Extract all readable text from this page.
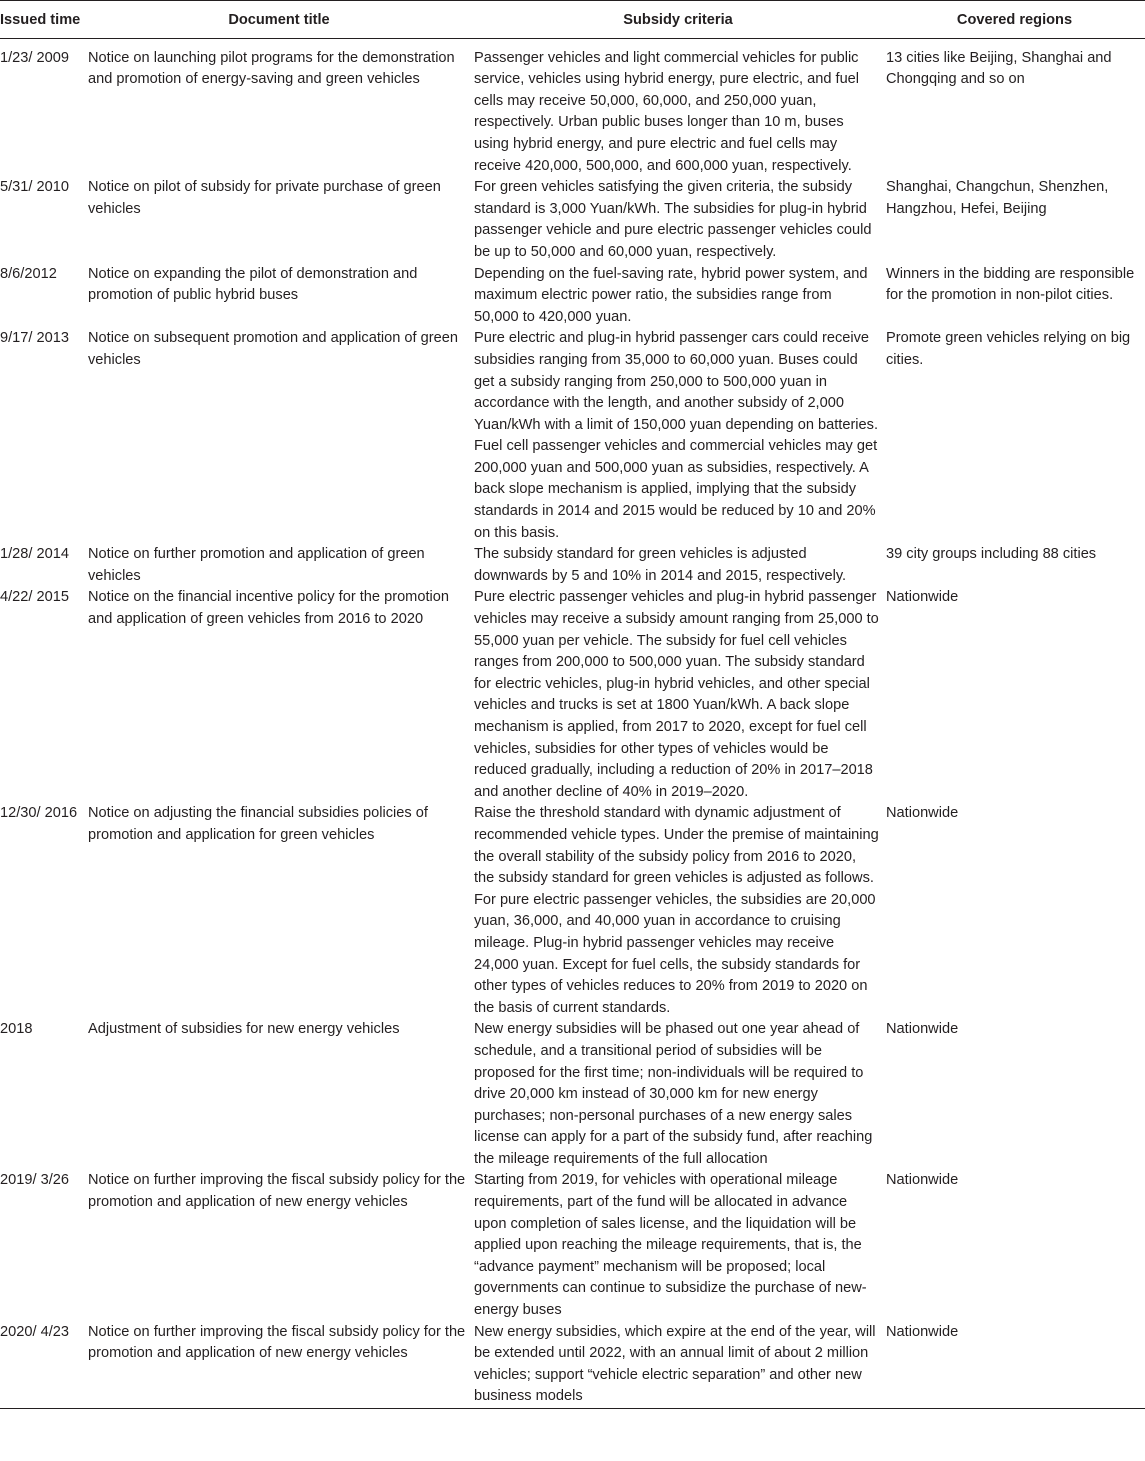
Issued time	Document title	Subsidy criteria	Covered regions
1/23/ 2009	Notice on launching pilot programs for the demonstration and promotion of energy-saving and green vehicles	Passenger vehicles and light commercial vehicles for public service, vehicles using hybrid energy, pure electric, and fuel cells may receive 50,000, 60,000, and 250,000 yuan, respectively. Urban public buses longer than 10 m, buses using hybrid energy, and pure electric and fuel cells may receive 420,000, 500,000, and 600,000 yuan, respectively.	13 cities like Beijing, Shanghai and Chongqing and so on
5/31/ 2010	Notice on pilot of subsidy for private purchase of green vehicles	For green vehicles satisfying the given criteria, the subsidy standard is 3,000 Yuan/kWh. The subsidies for plug-in hybrid passenger vehicle and pure electric passenger vehicles could be up to 50,000 and 60,000 yuan, respectively.	Shanghai, Changchun, Shenzhen, Hangzhou, Hefei, Beijing
8/6/2012	Notice on expanding the pilot of demonstration and promotion of public hybrid buses	Depending on the fuel-saving rate, hybrid power system, and maximum electric power ratio, the subsidies range from 50,000 to 420,000 yuan.	Winners in the bidding are responsible for the promotion in non-pilot cities.
9/17/ 2013	Notice on subsequent promotion and application of green vehicles	Pure electric and plug-in hybrid passenger cars could receive subsidies ranging from 35,000 to 60,000 yuan. Buses could get a subsidy ranging from 250,000 to 500,000 yuan in accordance with the length, and another subsidy of 2,000 Yuan/kWh with a limit of 150,000 yuan depending on batteries. Fuel cell passenger vehicles and commercial vehicles may get 200,000 yuan and 500,000 yuan as subsidies, respectively. A back slope mechanism is applied, implying that the subsidy standards in 2014 and 2015 would be reduced by 10 and 20% on this basis.	Promote green vehicles relying on big cities.
1/28/ 2014	Notice on further promotion and application of green vehicles	The subsidy standard for green vehicles is adjusted downwards by 5 and 10% in 2014 and 2015, respectively.	39 city groups including 88 cities
4/22/ 2015	Notice on the financial incentive policy for the promotion and application of green vehicles from 2016 to 2020	Pure electric passenger vehicles and plug-in hybrid passenger vehicles may receive a subsidy amount ranging from 25,000 to 55,000 yuan per vehicle. The subsidy for fuel cell vehicles ranges from 200,000 to 500,000 yuan. The subsidy standard for electric vehicles, plug-in hybrid vehicles, and other special vehicles and trucks is set at 1800 Yuan/kWh. A back slope mechanism is applied, from 2017 to 2020, except for fuel cell vehicles, subsidies for other types of vehicles would be reduced gradually, including a reduction of 20% in 2017–2018 and another decline of 40% in 2019–2020.	Nationwide
12/30/ 2016	Notice on adjusting the financial subsidies policies of promotion and application for green vehicles	Raise the threshold standard with dynamic adjustment of recommended vehicle types. Under the premise of maintaining the overall stability of the subsidy policy from 2016 to 2020, the subsidy standard for green vehicles is adjusted as follows. For pure electric passenger vehicles, the subsidies are 20,000 yuan, 36,000, and 40,000 yuan in accordance to cruising mileage. Plug-in hybrid passenger vehicles may receive 24,000 yuan. Except for fuel cells, the subsidy standards for other types of vehicles reduces to 20% from 2019 to 2020 on the basis of current standards.	Nationwide
2018	Adjustment of subsidies for new energy vehicles	New energy subsidies will be phased out one year ahead of schedule, and a transitional period of subsidies will be proposed for the first time; non-individuals will be required to drive 20,000 km instead of 30,000 km for new energy purchases; non-personal purchases of a new energy sales license can apply for a part of the subsidy fund, after reaching the mileage requirements of the full allocation	Nationwide
2019/ 3/26	Notice on further improving the fiscal subsidy policy for the promotion and application of new energy vehicles	Starting from 2019, for vehicles with operational mileage requirements, part of the fund will be allocated in advance upon completion of sales license, and the liquidation will be applied upon reaching the mileage requirements, that is, the “advance payment” mechanism will be proposed; local governments can continue to subsidize the purchase of new-energy buses	Nationwide
2020/ 4/23	Notice on further improving the fiscal subsidy policy for the promotion and application of new energy vehicles	New energy subsidies, which expire at the end of the year, will be extended until 2022, with an annual limit of about 2 million vehicles; support “vehicle electric separation” and other new business models	Nationwide
